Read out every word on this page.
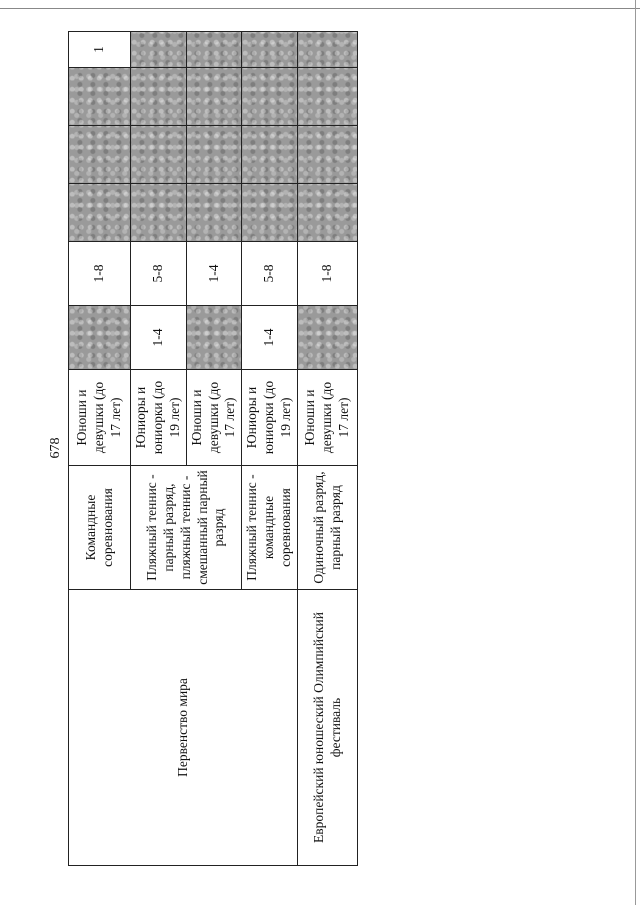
678
Первенство мира	Командные соревнования	Юноши и девушки (до 17 лет)		1-8				1

	Пляжный теннис - парный разряд, пляжный теннис - смешанный парный разряд	Юниоры и юниорки (до 19 лет)	1-4	5-8				

		Юноши и девушки (до 17 лет)		1-4				

	Пляжный теннис - командные соревнования	Юниоры и юниорки (до 19 лет)	1-4	5-8				

Европейский юношеский Олимпийский фестиваль	Одиночный разряд, парный разряд	Юноши и девушки (до 17 лет)		1-8				
